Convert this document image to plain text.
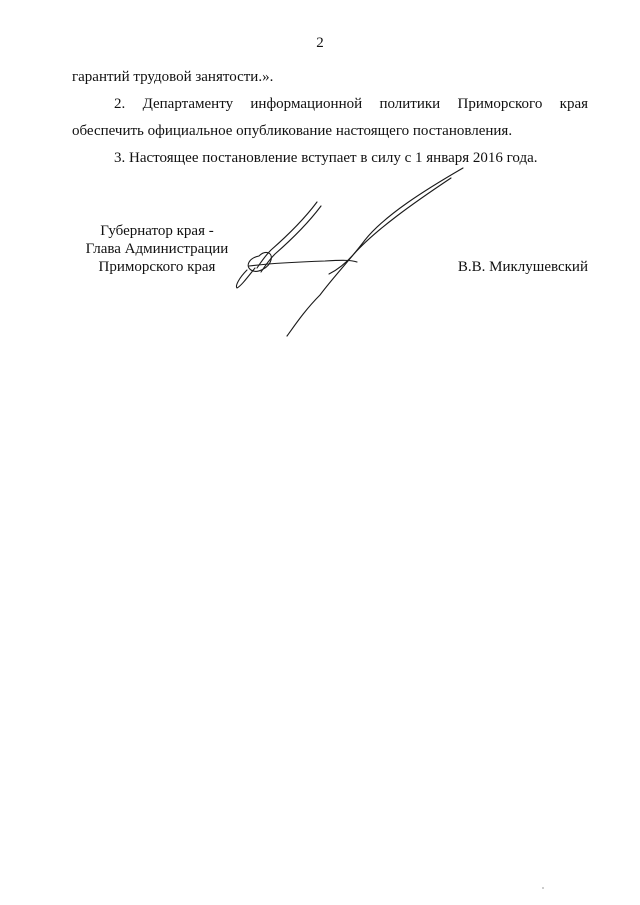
2

гарантий трудовой занятости.».

2. Департаменту информационной политики Приморского края

обеспечить официальное опубликование настоящего постановления.

3. Настоящее постановление вступает в силу с 1 января 2016 года.

Губернатор края -
Глава Администрации
Приморского края	В.В. Миклушевский
